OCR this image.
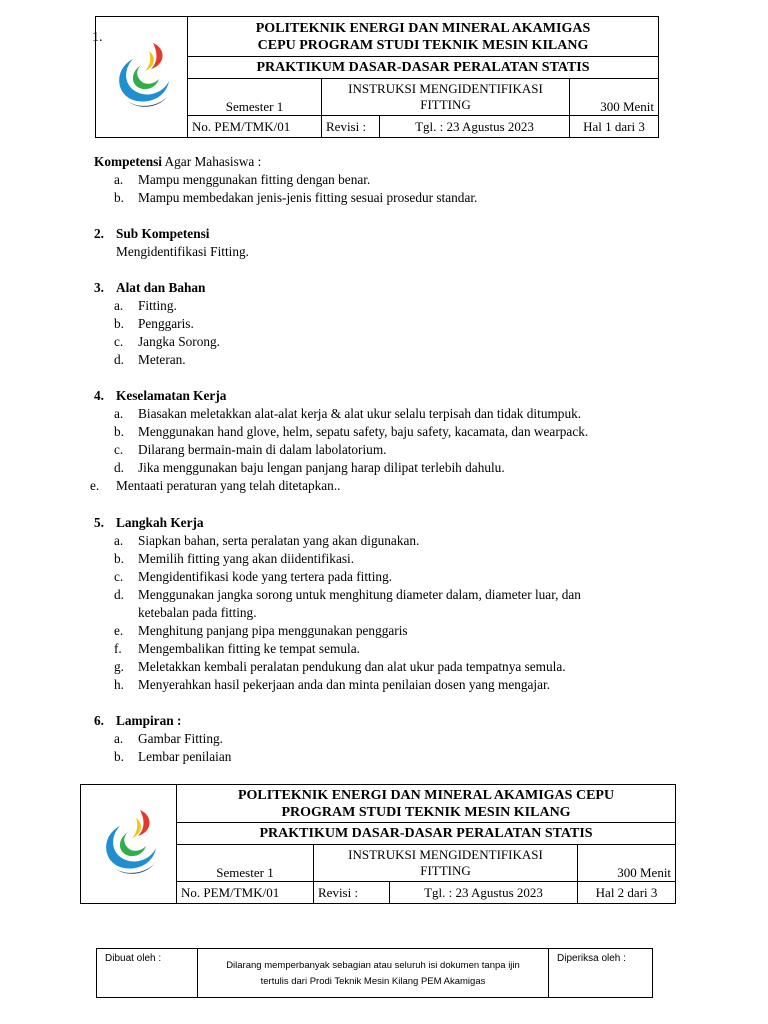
1.

POLITEKNIK ENERGI DAN MINERAL AKAMIGAS
CEPU PROGRAM STUDI TEKNIK MESIN KILANG			

	PRAKTIKUM DASAR-DASAR PERALATAN STATIS			
	Semester 1	INSTRUKSI MENGIDENTIFIKASI
FITTING		300 Menit
	No. PEM/TMK/01	Revisi :	Tgl. : 23 Agustus 2023	Hal 1 dari 3
Kompetensi Agar Mahasiswa :
a. Mampu menggunakan fitting dengan benar.
b. Mampu membedakan jenis-jenis fitting sesuai prosedur standar.
2. Sub Kompetensi
Mengidentifikasi Fitting.
3. Alat dan Bahan
a. Fitting.
b. Penggaris.
c. Jangka Sorong.
d. Meteran.
4. Keselamatan Kerja
a. Biasakan meletakkan alat-alat kerja & alat ukur selalu terpisah dan tidak ditumpuk.
b. Menggunakan hand glove, helm, sepatu safety, baju safety, kacamata, dan wearpack.
c. Dilarang bermain-main di dalam labolatorium.
d. Jika menggunakan baju lengan panjang harap dilipat terlebih dahulu.
e. Mentaati peraturan yang telah ditetapkan..
5. Langkah Kerja
a. Siapkan bahan, serta peralatan yang akan digunakan.
b. Memilih fitting yang akan diidentifikasi.
c. Mengidentifikasi kode yang tertera pada fitting.
d. Menggunakan jangka sorong untuk menghitung diameter dalam, diameter luar, dan
ketebalan pada fitting.
e. Menghitung panjang pipa menggunakan penggaris
f. Mengembalikan fitting ke tempat semula.
g. Meletakkan kembali peralatan pendukung dan alat ukur pada tempatnya semula.
h. Menyerahkan hasil pekerjaan anda dan minta penilaian dosen yang mengajar.
6. Lampiran :
a. Gambar Fitting.
b. Lembar penilaian

POLITEKNIK ENERGI DAN MINERAL AKAMIGAS CEPU
PROGRAM STUDI TEKNIK MESIN KILANG			

	PRAKTIKUM DASAR-DASAR PERALATAN STATIS			
	Semester 1	INSTRUKSI MENGIDENTIFIKASI
FITTING		300 Menit
	No. PEM/TMK/01	Revisi :	Tgl. : 23 Agustus 2023	Hal 2 dari 3
Dibuat oleh :
Dilarang memperbanyak sebagian atau seluruh isi dokumen tanpa ijin
tertulis dari Prodi Teknik Mesin Kilang PEM Akamigas
Diperiksa oleh :
